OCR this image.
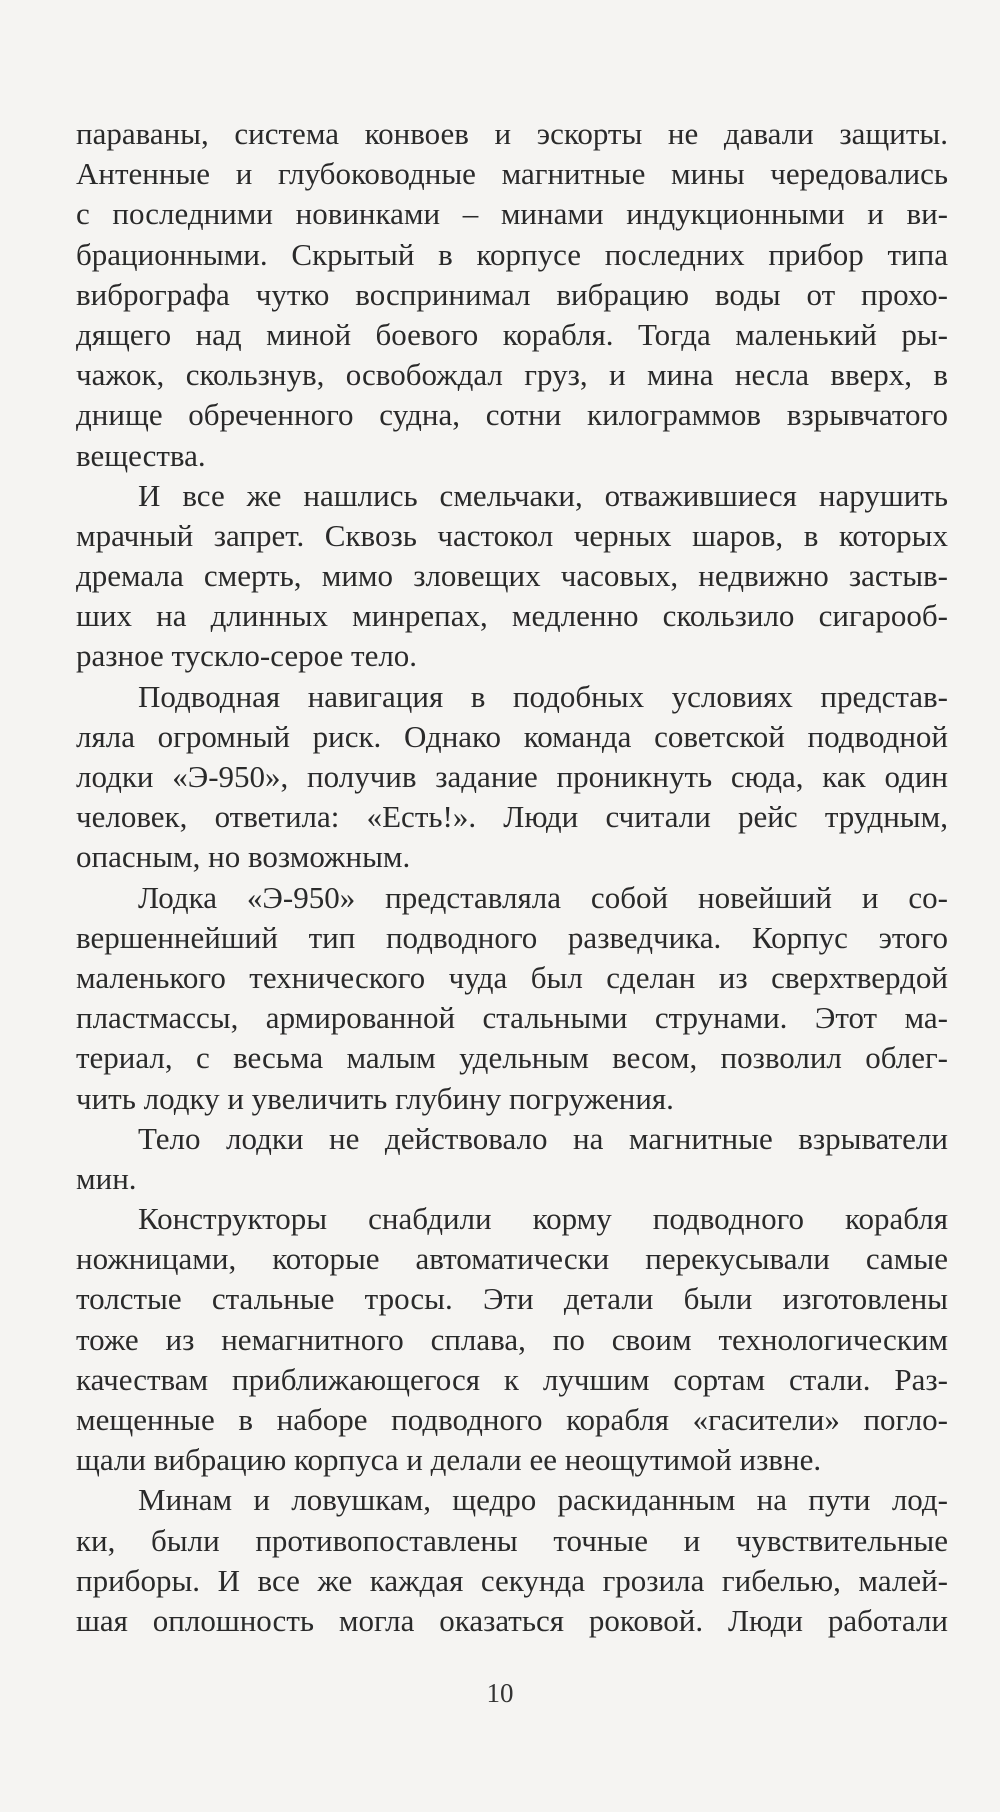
параваны, система конвоев и эскорты не давали защиты.
Антенные и глубоководные магнитные мины чередовались
с последними новинками – минами индукционными и ви-
брационными. Скрытый в корпусе последних прибор типа
вибрографа чутко воспринимал вибрацию воды от прохо-
дящего над миной боевого корабля. Тогда маленький ры-
чажок, скользнув, освобождал груз, и мина несла вверх, в
днище обреченного судна, сотни килограммов взрывчатого
вещества.
И все же нашлись смельчаки, отважившиеся нарушить
мрачный запрет. Сквозь частокол черных шаров, в которых
дремала смерть, мимо зловещих часовых, недвижно застыв-
ших на длинных минрепах, медленно скользило сигарооб-
разное тускло-серое тело.
Подводная навигация в подобных условиях представ-
ляла огромный риск. Однако команда советской подводной
лодки «Э-950», получив задание проникнуть сюда, как один
человек, ответила: «Есть!». Люди считали рейс трудным,
опасным, но возможным.
Лодка «Э-950» представляла собой новейший и со-
вершеннейший тип подводного разведчика. Корпус этого
маленького технического чуда был сделан из сверхтвердой
пластмассы, армированной стальными струнами. Этот ма-
териал, с весьма малым удельным весом, позволил облег-
чить лодку и увеличить глубину погружения.
Тело лодки не действовало на магнитные взрыватели
мин.
Конструкторы снабдили корму подводного корабля
ножницами, которые автоматически перекусывали самые
толстые стальные тросы. Эти детали были изготовлены
тоже из немагнитного сплава, по своим технологическим
качествам приближающегося к лучшим сортам стали. Раз-
мещенные в наборе подводного корабля «гасители» погло-
щали вибрацию корпуса и делали ее неощутимой извне.
Минам и ловушкам, щедро раскиданным на пути лод-
ки, были противопоставлены точные и чувствительные
приборы. И все же каждая секунда грозила гибелью, малей-
шая оплошность могла оказаться роковой. Люди работали
10
